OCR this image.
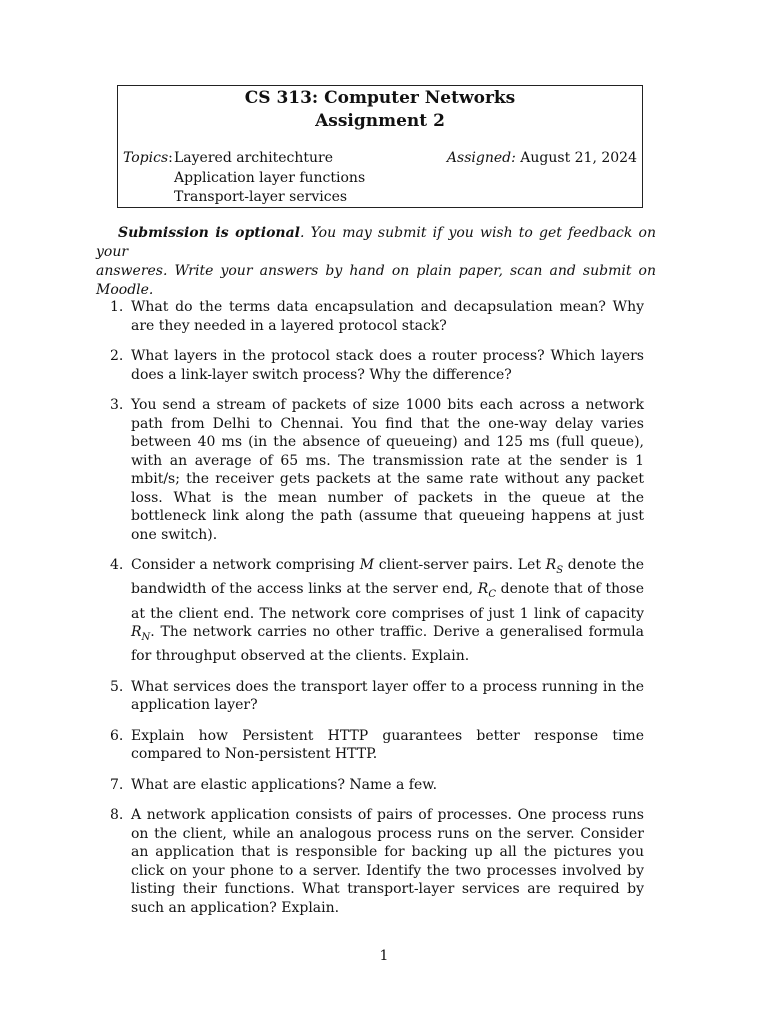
CS 313: Computer Networks
Assignment 2
Topics: Layered architechture
Application layer functions
Transport-layer services
Assigned: August 21, 2024
Submission is optional. You may submit if you wish to get feedback on your
answeres. Write your answers by hand on plain paper, scan and submit on Moodle.
1. What do the terms data encapsulation and decapsulation mean? Why are they needed in a layered protocol stack?
2. What layers in the protocol stack does a router process? Which layers does a link-layer switch process? Why the difference?
3. You send a stream of packets of size 1000 bits each across a network path from Delhi to Chennai. You find that the one-way delay varies between 40 ms (in the absence of queueing) and 125 ms (full queue), with an average of 65 ms. The transmission rate at the sender is 1 mbit/s; the receiver gets packets at the same rate without any packet loss. What is the mean number of packets in the queue at the bottleneck link along the path (assume that queueing happens at just one switch).
4. Consider a network comprising M client-server pairs. Let $R_S$ denote the bandwidth of the access links at the server end, $R_C$ denote that of those at the client end. The network core comprises of just 1 link of capacity $R_N$. The network carries no other traffic. Derive a generalised formula for throughput observed at the clients. Explain.
5. What services does the transport layer offer to a process running in the application layer?
6. Explain how Persistent HTTP guarantees better response time compared to Non-persistent HTTP.
7. What are elastic applications? Name a few.
8. A network application consists of pairs of processes. One process runs on the client, while an analogous process runs on the server. Consider an application that is responsible for backing up all the pictures you click on your phone to a server. Identify the two processes involved by listing their functions. What transport-layer services are required by such an application? Explain.
1
